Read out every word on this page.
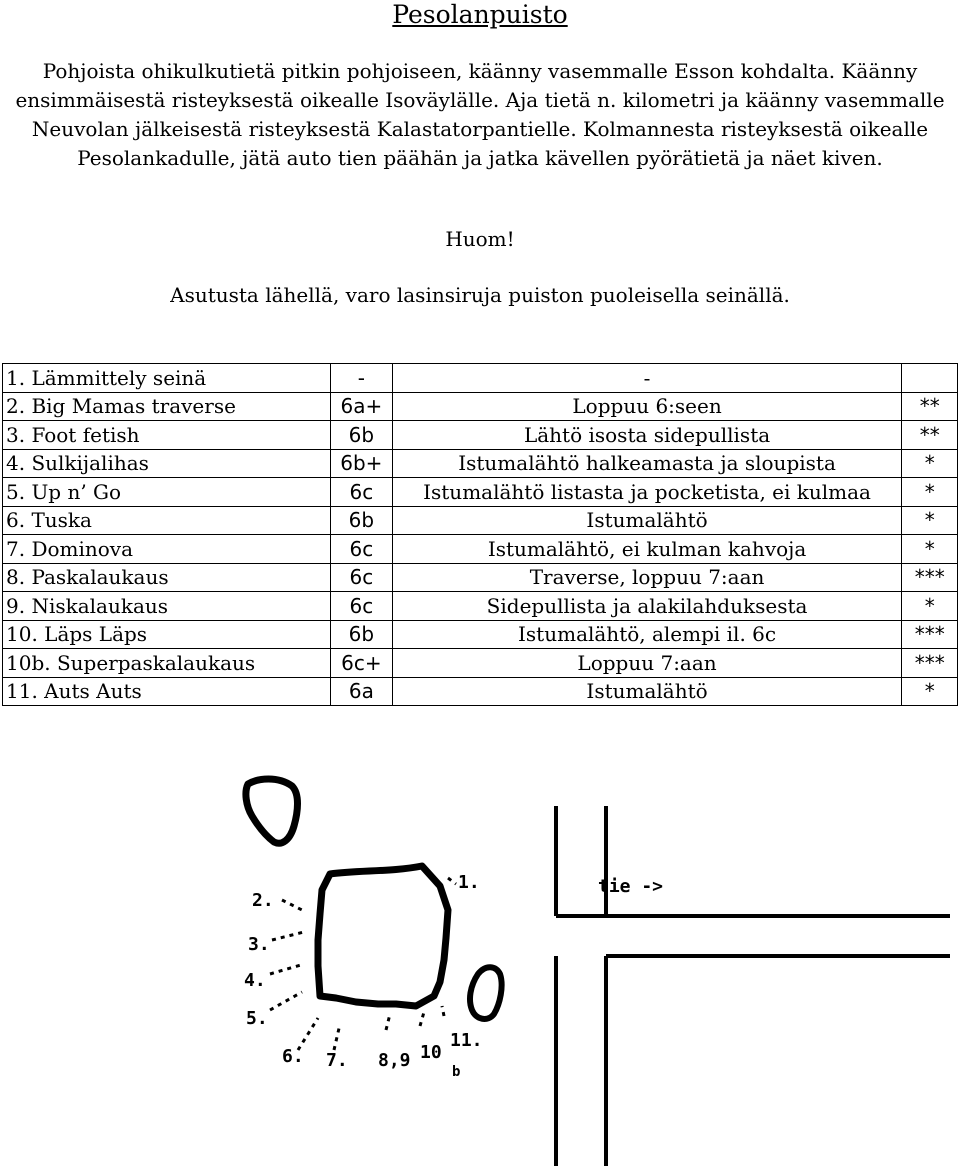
Pesolanpuisto

Pohjoista ohikulkutietä pitkin pohjoiseen, käänny vasemmalle Esson kohdalta. Käänny ensimmäisestä risteyksestä oikealle Isoväylälle. Aja tietä n. kilometri ja käänny vasemmalle Neuvolan jälkeisestä risteyksestä Kalastatorpantielle. Kolmannesta risteyksestä oikealle Pesolankadulle, jätä auto tien päähän ja jatka kävellen pyörätietä ja näet kiven.

Huom!

Asutusta lähellä, varo lasinsiruja puiston puoleisella seinällä.

1. Lämmittely seinä	-	-	
2. Big Mamas traverse	6a+	Loppuu 6:seen	**
3. Foot fetish	6b	Lähtö isosta sidepullista	**
4. Sulkijalihas	6b+	Istumalähtö halkeamasta ja sloupista	*
5. Up n’ Go	6c	Istumalähtö listasta ja pocketista, ei kulmaa	*
6. Tuska	6b	Istumalähtö	*
7. Dominova	6c	Istumalähtö, ei kulman kahvoja	*
8. Paskalaukaus	6c	Traverse, loppuu 7:aan	***
9. Niskalaukaus	6c	Sidepullista ja alakilahduksesta	*
10. Läps Läps	6b	Istumalähtö, alempi il. 6c	***
10b. Superpaskalaukaus	6c+	Loppuu 7:aan	***
11. Auts Auts	6a	Istumalähtö	*
1.
2.
3.
4.
5.
6. 7. 8,9 10
11.
b
tie ->
